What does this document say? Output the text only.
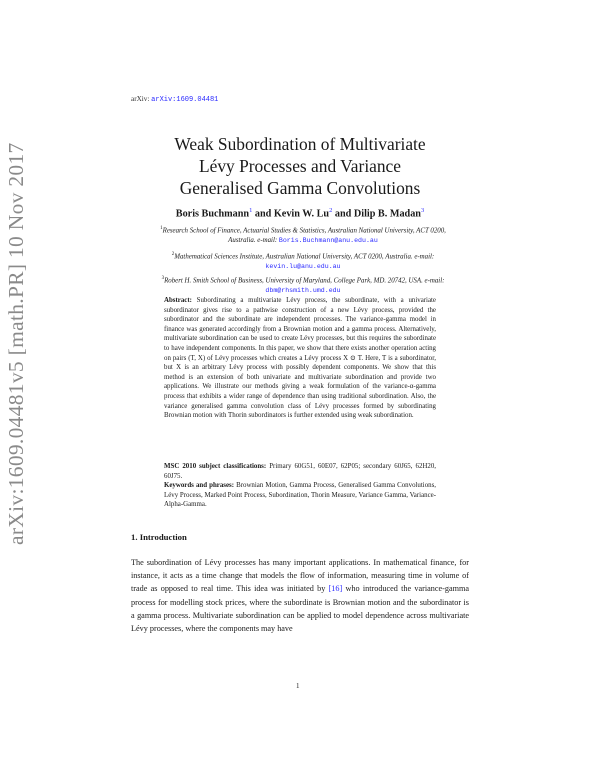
arXiv:1609.04481v5 [math.PR] 10 Nov 2017
arXiv: arXiv:1609.04481
Weak Subordination of Multivariate
Lévy Processes and Variance
Generalised Gamma Convolutions
Boris Buchmann$^1$ and Kevin W. Lu$^2$ and Dilip B. Madan$^3$
$^1$Research School of Finance, Actuarial Studies & Statistics, Australian National University, ACT 0200, Australia. e-mail: Boris.Buchmann@anu.edu.au
$^2$Mathematical Sciences Institute, Australian National University, ACT 0200, Australia. e-mail: kevin.lu@anu.edu.au
$^3$Robert H. Smith School of Business, University of Maryland, College Park, MD. 20742, USA. e-mail: dbm@rhsmith.umd.edu

Abstract: Subordinating a multivariate Lévy process, the subordinate, with a univariate subordinator gives rise to a pathwise construction of a new Lévy process, provided the subordinator and the subordinate are independent processes. The variance-gamma model in finance was generated accordingly from a Brownian motion and a gamma process. Alternatively, multivariate subordination can be used to create Lévy processes, but this requires the subordinate to have independent components. In this paper, we show that there exists another operation acting on pairs (T, X) of Lévy processes which creates a Lévy process X ⊙ T. Here, T is a subordinator, but X is an arbitrary Lévy process with possibly dependent components. We show that this method is an extension of both univariate and multivariate subordination and provide two applications. We illustrate our methods giving a weak formulation of the variance-α-gamma process that exhibits a wider range of dependence than using traditional subordination. Also, the variance generalised gamma convolution class of Lévy processes formed by subordinating Brownian motion with Thorin subordinators is further extended using weak subordination.

MSC 2010 subject classifications: Primary 60G51, 60E07, 62P05; secondary 60J65, 62H20, 60J75.

Keywords and phrases: Brownian Motion, Gamma Process, Generalised Gamma Convolutions, Lévy Process, Marked Point Process, Subordination, Thorin Measure, Variance Gamma, Variance-Alpha-Gamma.

1. Introduction

The subordination of Lévy processes has many important applications. In mathematical finance, for instance, it acts as a time change that models the flow of information, measuring time in volume of trade as opposed to real time. This idea was initiated by [16] who introduced the variance-gamma process for modelling stock prices, where the subordinate is Brownian motion and the subordinator is a gamma process. Multivariate subordination can be applied to model dependence across multivariate Lévy processes, where the components may have

1
